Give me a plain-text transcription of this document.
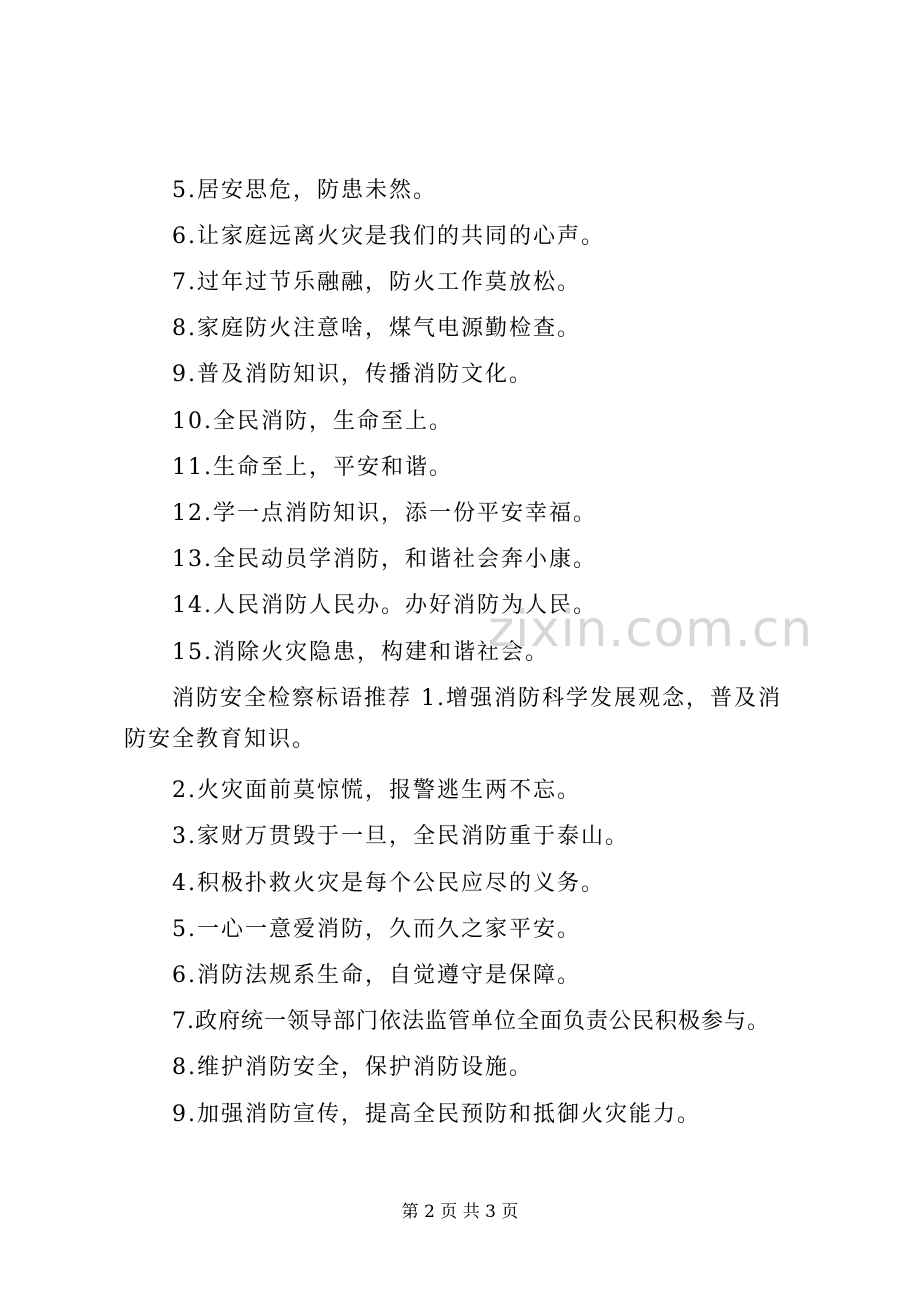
5.居安思危，防患未然。
6.让家庭远离火灾是我们的共同的心声。
7.过年过节乐融融，防火工作莫放松。
8.家庭防火注意啥，煤气电源勤检查。
9.普及消防知识，传播消防文化。
10.全民消防，生命至上。
11.生命至上，平安和谐。
12.学一点消防知识，添一份平安幸福。
13.全民动员学消防，和谐社会奔小康。
14.人民消防人民办。办好消防为人民。
15.消除火灾隐患，构建和谐社会。
消防安全检察标语推荐 1.增强消防科学发展观念，普及消
防安全教育知识。
2.火灾面前莫惊慌，报警逃生两不忘。
3.家财万贯毁于一旦，全民消防重于泰山。
4.积极扑救火灾是每个公民应尽的义务。
5.一心一意爱消防，久而久之家平安。
6.消防法规系生命，自觉遵守是保障。
7.政府统一领导部门依法监管单位全面负责公民积极参与。
8.维护消防安全，保护消防设施。
9.加强消防宣传，提高全民预防和抵御火灾能力。
zixin.com.cn
第 2 页 共 3 页
